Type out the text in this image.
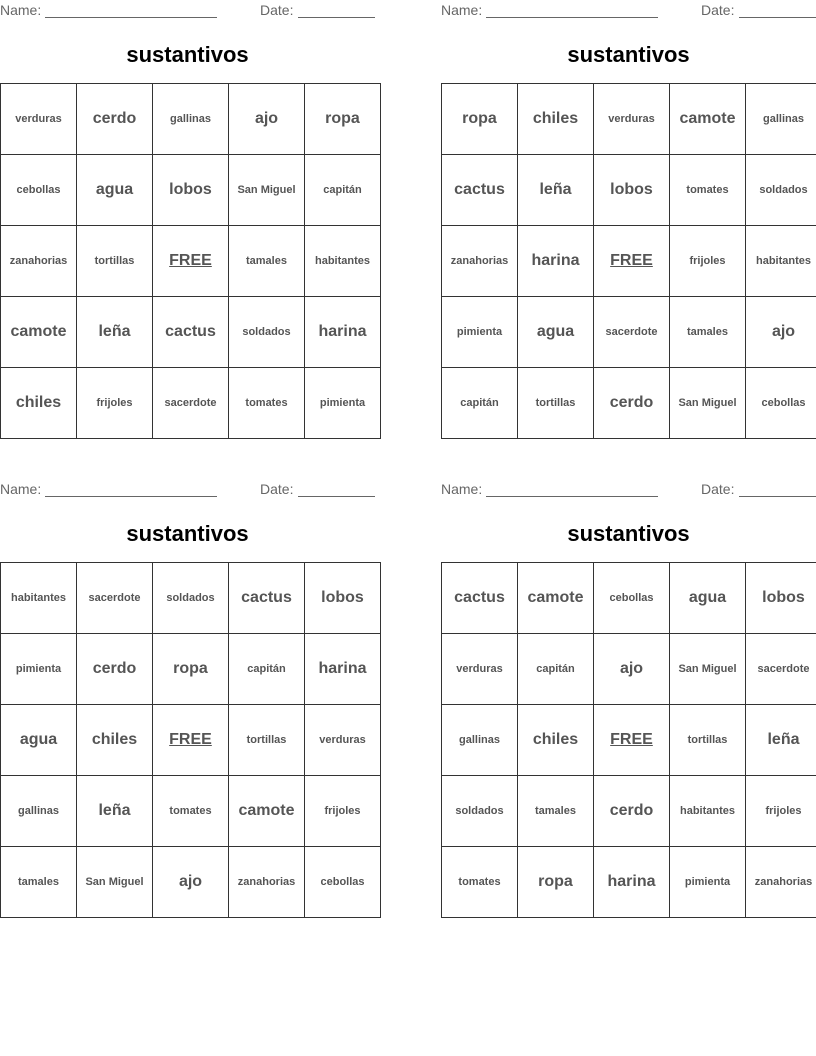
Name:	Date:
sustantivos
verduras	cerdo	gallinas	ajo	ropa
cebollas	agua	lobos	San Miguel	capitán
zanahorias	tortillas	FREE	tamales	habitantes
camote	leña	cactus	soldados	harina
chiles	frijoles	sacerdote	tomates	pimienta
Name:	Date:
sustantivos
ropa	chiles	verduras	camote	gallinas
cactus	leña	lobos	tomates	soldados
zanahorias	harina	FREE	frijoles	habitantes
pimienta	agua	sacerdote	tamales	ajo
capitán	tortillas	cerdo	San Miguel	cebollas
Name:	Date:
sustantivos
habitantes	sacerdote	soldados	cactus	lobos
pimienta	cerdo	ropa	capitán	harina
agua	chiles	FREE	tortillas	verduras
gallinas	leña	tomates	camote	frijoles
tamales	San Miguel	ajo	zanahorias	cebollas
Name:	Date:
sustantivos
cactus	camote	cebollas	agua	lobos
verduras	capitán	ajo	San Miguel	sacerdote
gallinas	chiles	FREE	tortillas	leña
soldados	tamales	cerdo	habitantes	frijoles
tomates	ropa	harina	pimienta	zanahorias
